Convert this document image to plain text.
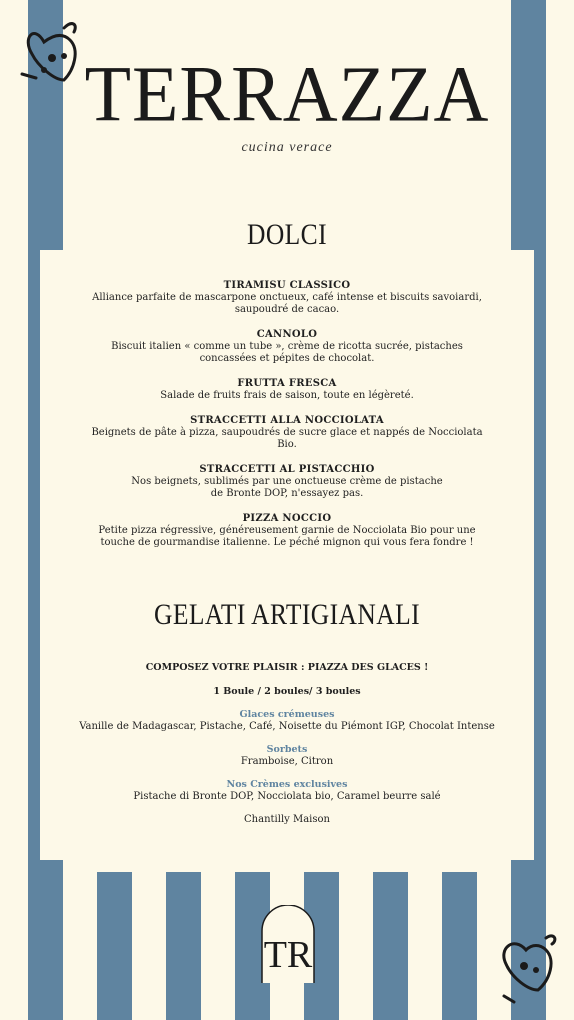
TERRAZZA
cucina verace
DOLCI
TIRAMISU CLASSICO
Alliance parfaite de mascarpone onctueux, café intense et biscuits savoiardi, saupoudré de cacao.
CANNOLO
Biscuit italien « comme un tube », crème de ricotta sucrée, pistaches concassées et pépites de chocolat.
FRUTTA FRESCA
Salade de fruits frais de saison, toute en légèreté.
STRACCETTI ALLA NOCCIOLATA
Beignets de pâte à pizza, saupoudrés de sucre glace et nappés de Nocciolata Bio.
STRACCETTI AL PISTACCHIO
Nos beignets, sublimés par une onctueuse crème de pistache de Bronte DOP, n'essayez pas.
PIZZA NOCCIO
Petite pizza régressive, généreusement garnie de Nocciolata Bio pour une touche de gourmandise italienne. Le péché mignon qui vous fera fondre !
GELATI ARTIGIANALI
COMPOSEZ VOTRE PLAISIR : PIAZZA DES GLACES !
1 Boule / 2 boules/ 3 boules
Glaces crémeuses
Vanille de Madagascar, Pistache, Café, Noisette du Piémont IGP, Chocolat Intense
Sorbets
Framboise, Citron
Nos Crèmes exclusives
Pistache di Bronte DOP, Nocciolata bio, Caramel beurre salé
Chantilly Maison
TR
